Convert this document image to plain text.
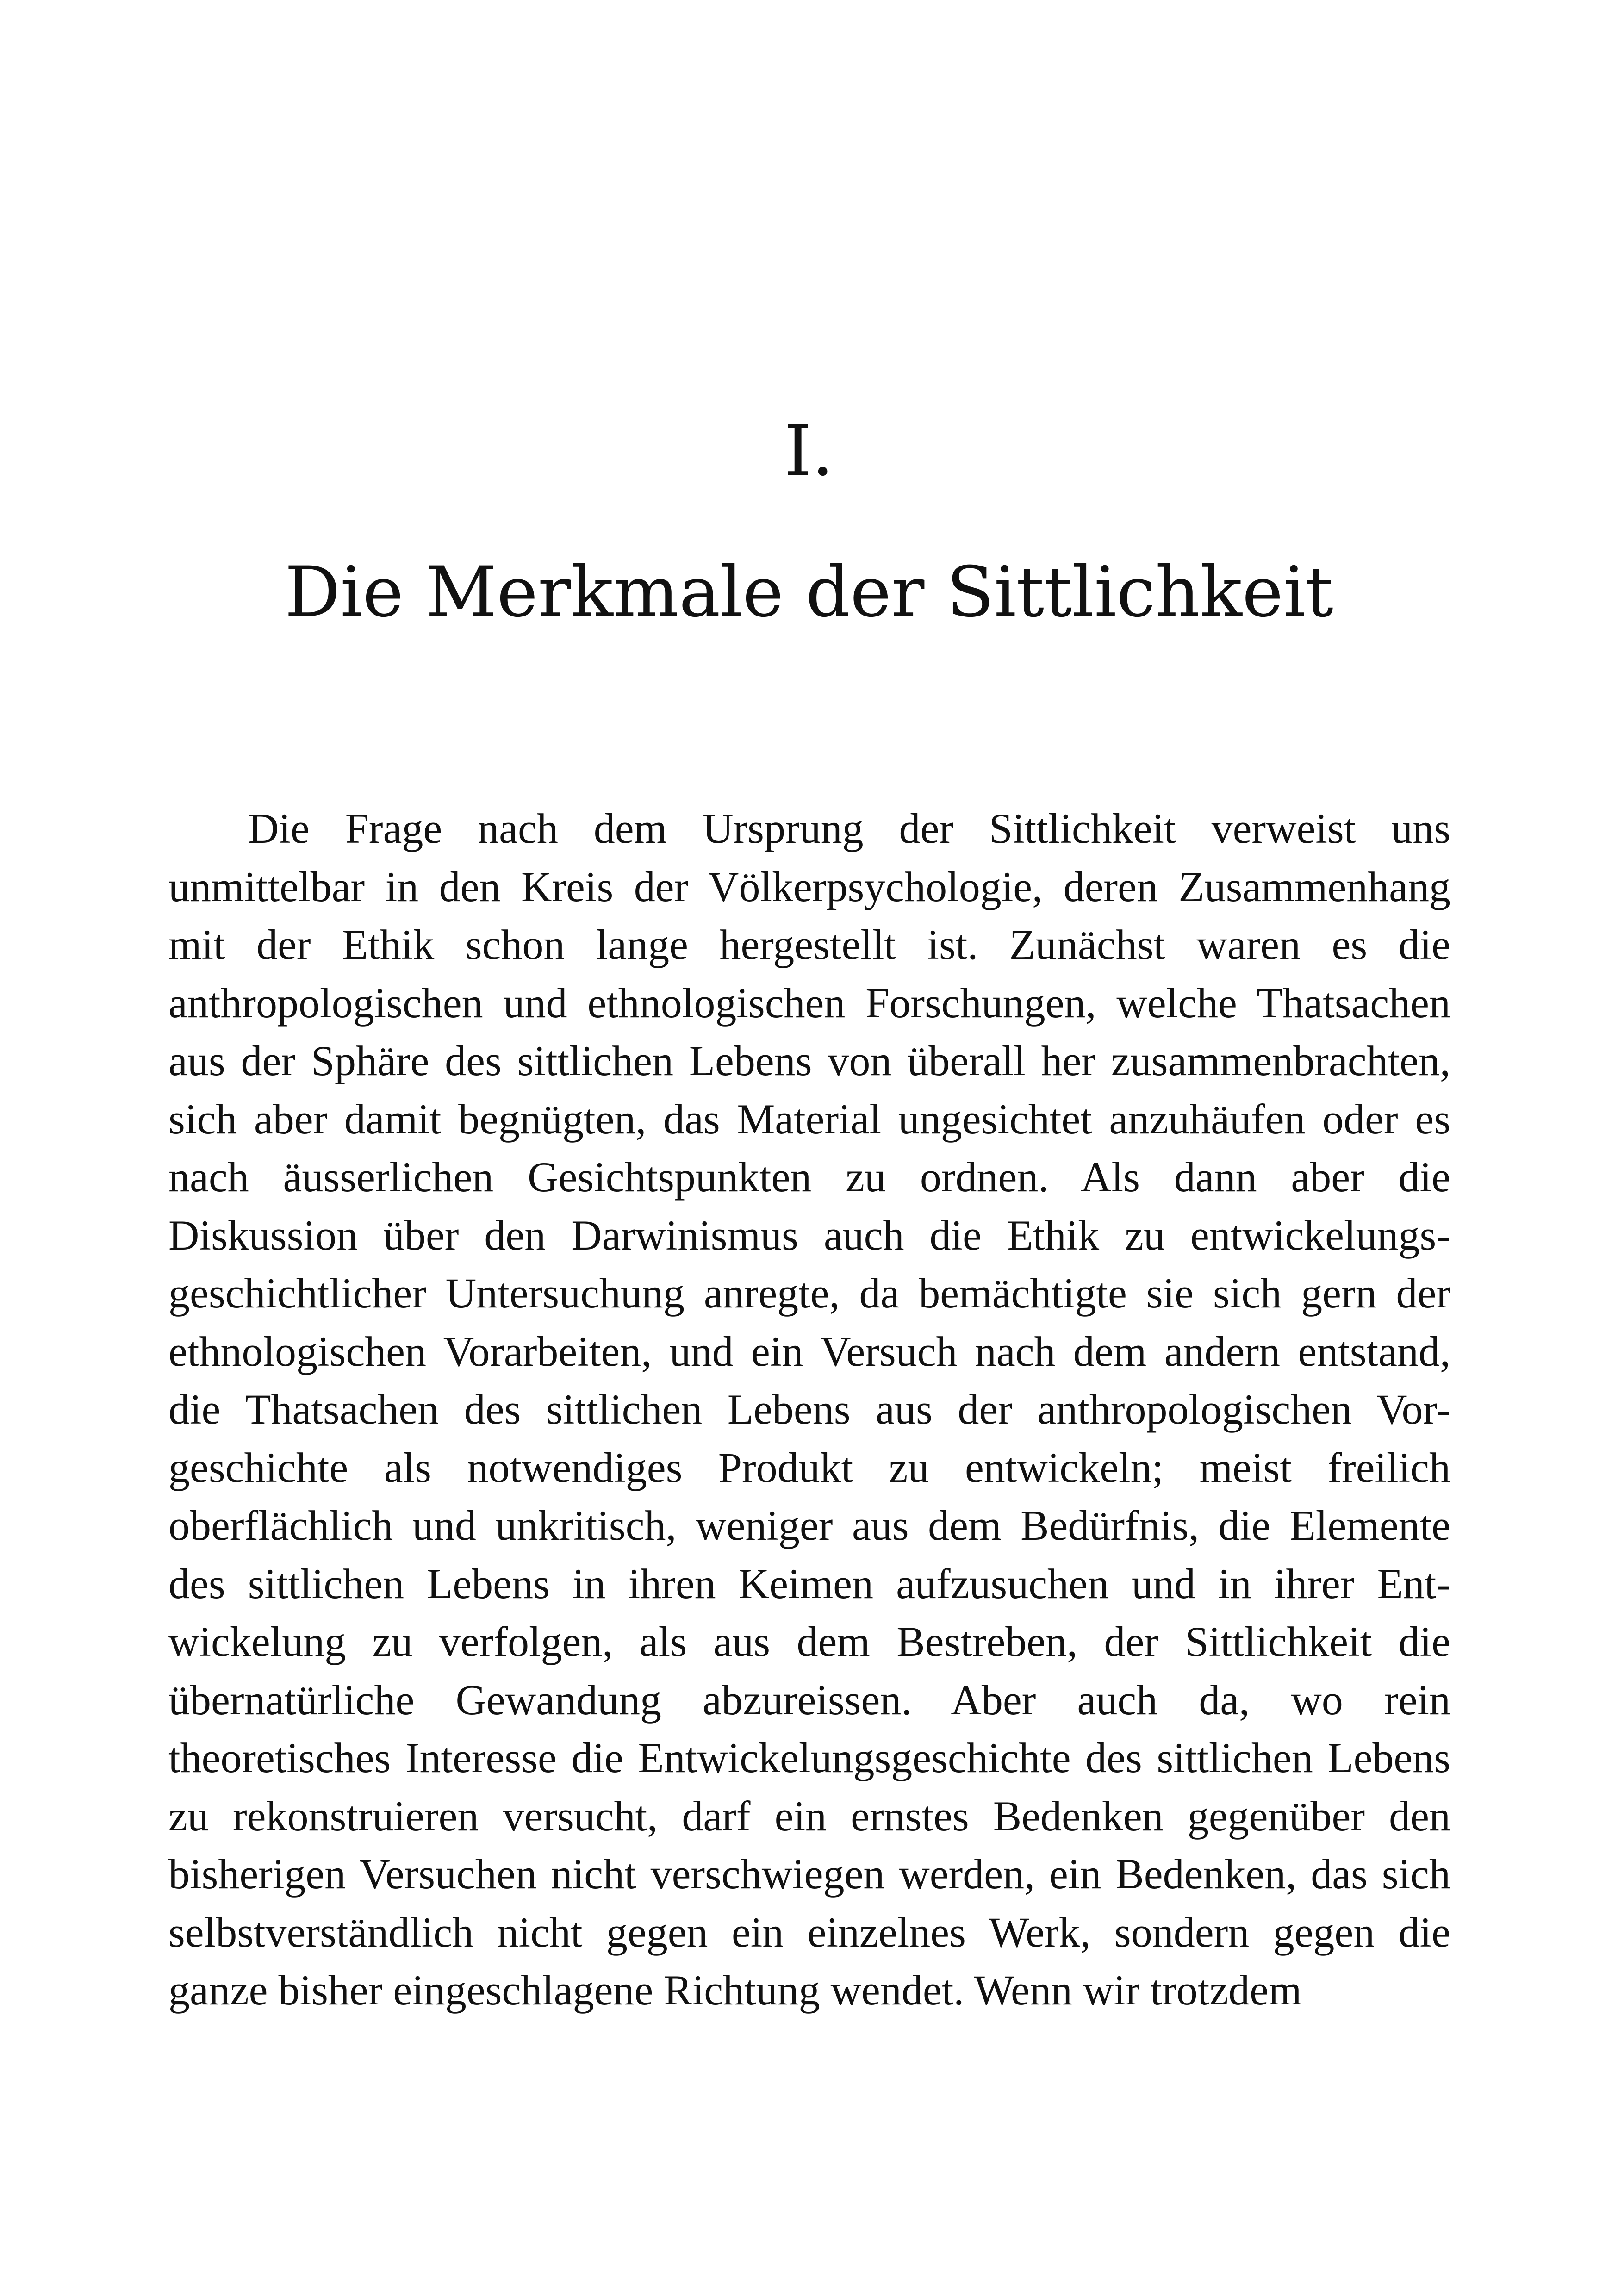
I.
Die Merkmale der Sittlichkeit
Die Frage nach dem Ursprung der Sittlichkeit verweist uns
unmittelbar in den Kreis der Völkerpsychologie, deren Zusammenhang
mit der Ethik schon lange hergestellt ist. Zunächst waren es die
anthropologischen und ethnologischen Forschungen, welche Thatsachen
aus der Sphäre des sittlichen Lebens von überall her zusammenbrachten,
sich aber damit begnügten, das Material ungesichtet anzuhäufen oder es
nach äusserlichen Gesichtspunkten zu ordnen. Als dann aber die
Diskussion über den Darwinismus auch die Ethik zu entwickelungs-
geschichtlicher Untersuchung anregte, da bemächtigte sie sich gern der
ethnologischen Vorarbeiten, und ein Versuch nach dem andern entstand,
die Thatsachen des sittlichen Lebens aus der anthropologischen Vor-
geschichte als notwendiges Produkt zu entwickeln; meist freilich
oberflächlich und unkritisch, weniger aus dem Bedürfnis, die Elemente
des sittlichen Lebens in ihren Keimen aufzusuchen und in ihrer Ent-
wickelung zu verfolgen, als aus dem Bestreben, der Sittlichkeit die
übernatürliche Gewandung abzureissen. Aber auch da, wo rein
theoretisches Interesse die Entwickelungsgeschichte des sittlichen Lebens
zu rekonstruieren versucht, darf ein ernstes Bedenken gegenüber den
bisherigen Versuchen nicht verschwiegen werden, ein Bedenken, das sich
selbstverständlich nicht gegen ein einzelnes Werk, sondern gegen die
ganze bisher eingeschlagene Richtung wendet. Wenn wir trotzdem
